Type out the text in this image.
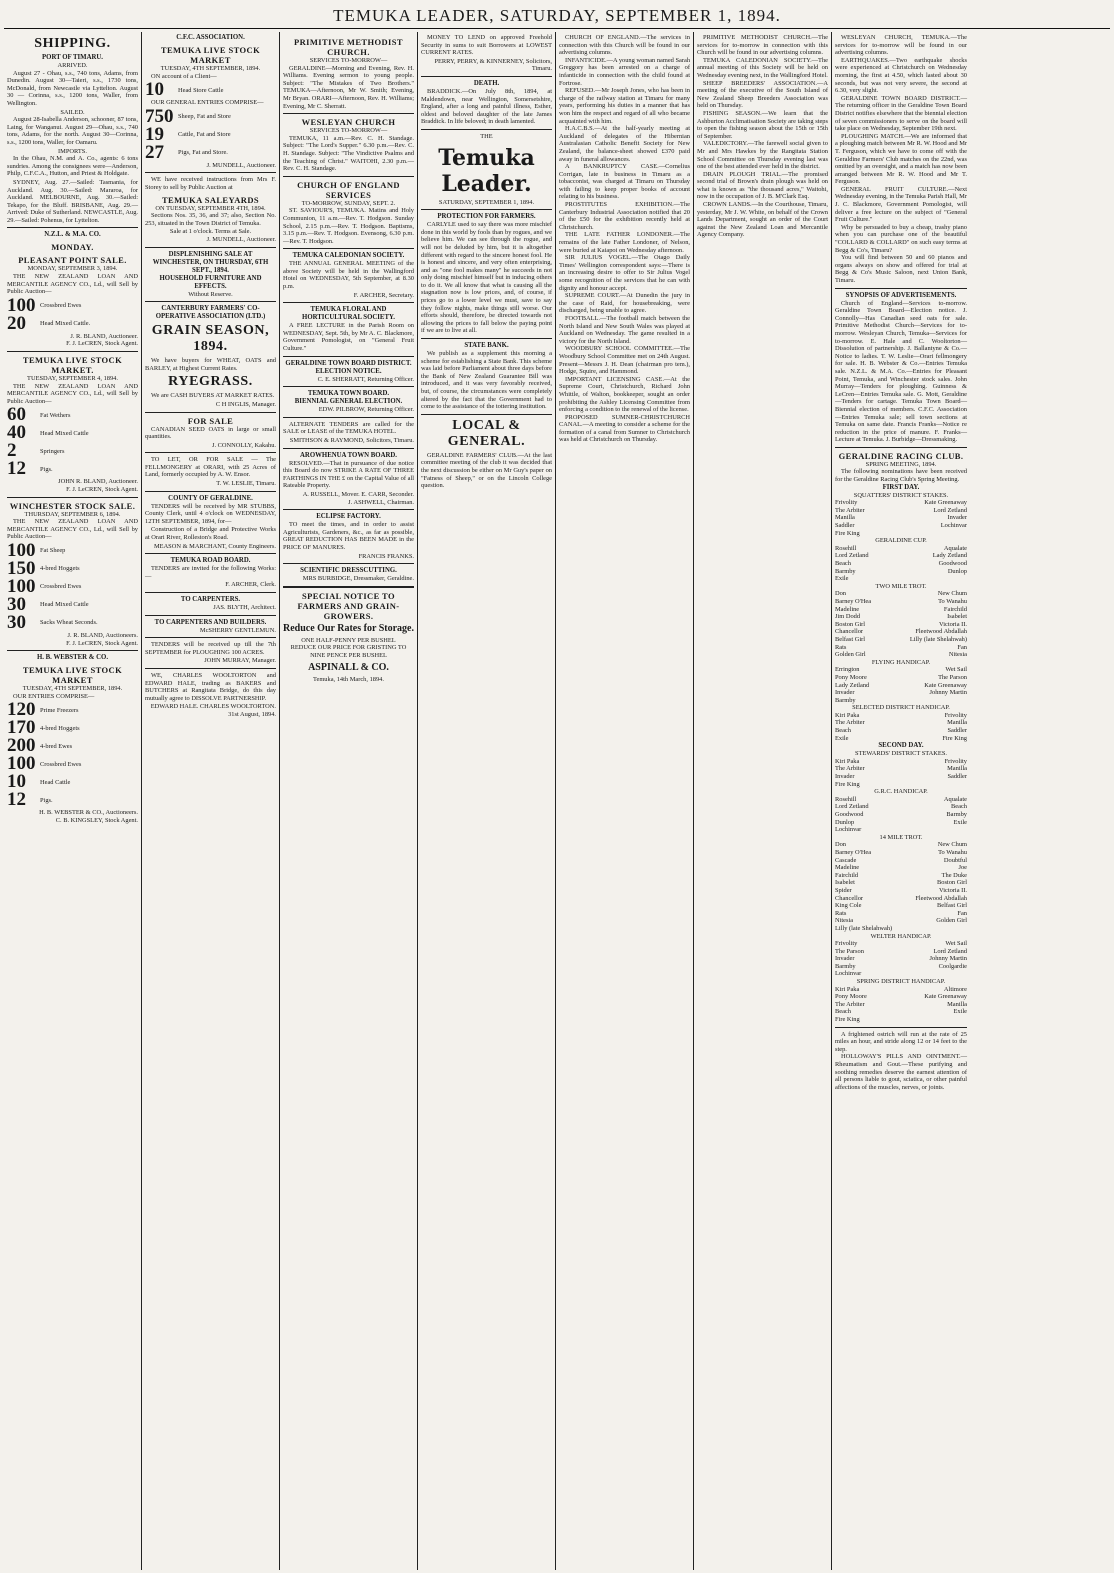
TEMUKA LEADER, SATURDAY, SEPTEMBER 1, 1894.
SHIPPING.
PORT OF TIMARU.
ARRIVED.
August 27 - Ohau, s.s., 740 tons, Adams, from Dunedin. August 30—Taieri, s.s., 1730 tons, McDonald, from Newcastle via Lyttelton. August 30 — Corinna, s.s., 1200 tons, Waller, from Wellington.
SAILED.
August 28-Isabella Anderson, schooner, 87 tons, Laing, for Wanganui. August 29—Ohau, s.s., 740 tons, Adams, for the north. August 30—Corinna, s.s., 1200 tons, Waller, for Oamaru.
IMPORTS.
In the Ohau, N.M. and A. Co., agents: 6 tons sundries. Among the consignees were—Anderson, Philp, C.F.C.A., Hutton, and Priest & Holdgate.
SYDNEY, Aug. 27.—Sailed: Tasmania, for Auckland. Aug. 30.—Sailed: Mararoa, for Auckland. MELBOURNE, Aug. 30.—Sailed: Tekapo, for the Bluff. BRISBANE, Aug. 29.— Arrived: Duke of Sutherland. NEWCASTLE, Aug. 29.—Sailed: Pohenus, for Lyttelton.
N.Z.L. & M.A. CO.
MONDAY.
PLEASANT POINT SALE.
MONDAY, SEPTEMBER 3, 1894.
THE NEW ZEALAND LOAN AND MERCANTILE AGENCY CO., Ld., will Sell by Public Auction—
100 Crossbred Ewes
20	Head Mixed Cattle.
J. R. BLAND, Auctioneer.
F. J. LeCREN, Stock Agent.
TEMUKA LIVE STOCK MARKET.
TUESDAY, SEPTEMBER 4, 1894.
THE NEW ZEALAND LOAN AND MERCANTILE AGENCY CO., Ld., will Sell by Public Auction—
60	Fat Wethers
40	Head Mixed Cattle
2	Springers
12	Pigs.
JOHN R. BLAND, Auctioneer.
F. J. LeCREN, Stock Agent.
WINCHESTER STOCK SALE.
THURSDAY, SEPTEMBER 6, 1894.
THE NEW ZEALAND LOAN AND MERCANTILE AGENCY CO., Ld., will Sell by Public Auction—
100 Fat Sheep
150 4-bred Hoggets
100 Crossbred Ewes
30	Head Mixed Cattle
30	Sacks Wheat Seconds.
J. R. BLAND, Auctioneers.
F. J. LeCREN, Stock Agent.
H. B. WEBSTER & CO.
TEMUKA LIVE STOCK MARKET
TUESDAY, 4TH SEPTEMBER, 1894.
OUR ENTRIES COMPRISE—
120 Prime Freezers
170 4-bred Hoggets
200 4-bred Ewes
100 Crossbred Ewes
10	Head Cattle
12	Pigs.
H. B. WEBSTER & CO., Auctioneers.
C. B. KINGSLEY, Stock Agent.
C.F.C. ASSOCIATION.
TEMUKA LIVE STOCK MARKET
TUESDAY, 4TH SEPTEMBER, 1894.
ON account of a Client—
10	Head Store Cattle
OUR GENERAL ENTRIES COMPRISE—
750 Sheep, Fat and Store
19	Cattle, Fat and Store
27	Pigs, Fat and Store.
J. MUNDELL, Auctioneer.
WE have received instructions from Mrs F. Storey to sell by Public Auction at
TEMUKA SALEYARDS
ON TUESDAY, SEPTEMBER 4TH, 1894.
Sections Nos. 35, 36, and 37; also, Section No. 253, situated in the Town District of Temuka.
Sale at 1 o'clock. Terms at Sale.
J. MUNDELL, Auctioneer.
DISPLENISHING SALE AT WINCHESTER, ON THURSDAY, 6TH SEPT., 1894.
HOUSEHOLD FURNITURE AND EFFECTS.
Without Reserve.
CANTERBURY FARMERS' CO-OPERATIVE ASSOCIATION (LTD.)
GRAIN SEASON, 1894.
We have buyers for WHEAT, OATS and BARLEY, at Highest Current Rates.
RYEGRASS.
We are CASH BUYERS AT MARKET RATES.
C H INGLIS, Manager.
FOR SALE
CANADIAN SEED OATS in large or small quantities.
J. CONNOLLY, Kakahu.
TO LET, OR FOR SALE — The FELLMONGERY at ORARI, with 25 Acres of Land, formerly occupied by A. W. Ensor.
T. W. LESLIE, Timaru.
COUNTY OF GERALDINE.
TENDERS will be received by MR STUBBS, County Clerk, until 4 o'clock on WEDNESDAY, 12TH SEPTEMBER, 1894, for—
Construction of a Bridge and Protective Works at Orari River, Rolleston's Road.
MEASON & MARCHANT, County Engineers.
TEMUKA ROAD BOARD.
TENDERS are invited for the following Works:—
F. ARCHER, Clerk.
TO CARPENTERS.
JAS. BLYTH, Architect.
TO CARPENTERS AND BUILDERS.
McSHERRY GENTLEMUN.
TENDERS will be received up till the 7th SEPTEMBER for PLOUGHING 100 ACRES.
JOHN MURRAY, Manager.
WE, CHARLES WOOLTORTON and EDWARD HALE, trading as BAKERS and BUTCHERS at Rangitata Bridge, do this day mutually agree to DISSOLVE PARTNERSHIP.
EDWARD HALE. CHARLES WOOLTORTON. 31st August, 1894.
PRIMITIVE METHODIST CHURCH.
SERVICES TO-MORROW—
GERALDINE—Morning and Evening, Rev. H. Williams. Evening sermon to young people. Subject: "The Mistakes of Two Brothers." TEMUKA—Afternoon, Mr W. Smith; Evening, Mr Bryan. ORARI—Afternoon, Rev. H. Williams; Evening, Mr C. Sherratt.
WESLEYAN CHURCH
SERVICES TO-MORROW—
TEMUKA, 11 a.m.—Rev. C. H. Standage. Subject: "The Lord's Supper." 6.30 p.m.—Rev. C. H. Standage. Subject: "The Vindictive Psalms and the Teaching of Christ." WAITOHI, 2.30 p.m.—Rev. C. H. Standage.
CHURCH OF ENGLAND SERVICES
TO-MORROW, SUNDAY, SEPT. 2.
ST. SAVIOUR'S, TEMUKA. Matins and Holy Communion, 11 a.m.—Rev. T. Hodgson. Sunday School, 2.15 p.m.—Rev. T. Hodgson. Baptisms, 3.15 p.m.—Rev. T. Hodgson. Evensong, 6.30 p.m.—Rev. T. Hodgson.
TEMUKA CALEDONIAN SOCIETY.
THE ANNUAL GENERAL MEETING of the above Society will be held in the Wallingford Hotel on WEDNESDAY, 5th September, at 8.30 p.m.
F. ARCHER, Secretary.
TEMUKA FLORAL AND HORTICULTURAL SOCIETY.
A FREE LECTURE in the Parish Room on WEDNESDAY, Sept. 5th, by Mr A. C. Blackmore, Government Pomologist, on "General Fruit Culture."
GERALDINE TOWN BOARD DISTRICT.
ELECTION NOTICE.
C. E. SHERRATT, Returning Officer.
TEMUKA TOWN BOARD.
BIENNIAL GENERAL ELECTION.
EDW. PILBROW, Returning Officer.
ALTERNATE TENDERS are called for the SALE or LEASE of the TEMUKA HOTEL.
SMITHSON & RAYMOND, Solicitors, Timaru.
AROWHENUA TOWN BOARD.
RESOLVED.—That in pursuance of due notice this Board do now STRIKE A RATE OF THREE FARTHINGS IN THE £ on the Capital Value of all Rateable Property.
A. RUSSELL, Mover. E. CARR, Seconder.
J. ASHWELL, Chairman.
ECLIPSE FACTORY.
TO meet the times, and in order to assist Agriculturists, Gardeners, &c., as far as possible, GREAT REDUCTION HAS BEEN MADE in the PRICE OF MANURES.
FRANCIS FRANKS.
SCIENTIFIC DRESSCUTTING.
MRS BURBIDGE, Dressmaker, Geraldine.
SPECIAL NOTICE TO FARMERS AND GRAIN-GROWERS.
Reduce Our Rates for Storage.
ONE HALF-PENNY PER BUSHEL
REDUCE OUR PRICE FOR GRISTING TO NINE PENCE PER BUSHEL
ASPINALL & CO.
Temuka, 14th March, 1894.
MONEY TO LEND on approved Freehold Security in sums to suit Borrowers at LOWEST CURRENT RATES.
PERRY, PERRY, & KINNERNEY, Solicitors, Timaru.
DEATH.
BRADDICK.—On July 8th, 1894, at Maldendown, near Wellington, Somersetshire, England, after a long and painful illness, Esther, oldest and beloved daughter of the late James Braddick. In life beloved; in death lamented.
THE
Temuka Leader.
SATURDAY, SEPTEMBER 1, 1894.
PROTECTION FOR FARMERS.
CARLYLE used to say there was more mischief done in this world by fools than by rogues, and we believe him. We can see through the rogue, and will not be deluded by him, but it is altogether different with regard to the sincere honest fool. He is honest and sincere, and very often enterprising, and as "one fool makes many" he succeeds in not only doing mischief himself but in inducing others to do it. We all know that what is causing all the stagnation now is low prices, and, of course, if prices go to a lower level we must, save to say they follow nights, make things still worse. Our efforts should, therefore, be directed towards not allowing the prices to fall below the paying point if we are to live at all.
STATE BANK.
We publish as a supplement this morning a scheme for establishing a State Bank. This scheme was laid before Parliament about three days before the Bank of New Zealand Guarantee Bill was introduced, and it was very favorably received, but, of course, the circumstances were completely altered by the fact that the Government had to come to the assistance of the tottering institution.
LOCAL & GENERAL.
GERALDINE FARMERS' CLUB.—At the last committee meeting of the club it was decided that the next discussion be either on Mr Guy's paper on "Fatness of Sheep," or on the Lincoln College question.
CHURCH OF ENGLAND.—The services in connection with this Church will be found in our advertising columns.
INFANTICIDE.—A young woman named Sarah Greggory has been arrested on a charge of infanticide in connection with the child found at Fortrose.
REFUSED.—Mr Joseph Jones, who has been in charge of the railway station at Timaru for many years, performing his duties in a manner that has won him the respect and regard of all who became acquainted with him.
H.A.C.B.S.—At the half-yearly meeting at Auckland of delegates of the Hibernian Australasian Catholic Benefit Society for New Zealand, the balance-sheet showed £370 paid away in funeral allowances.
A BANKRUPTCY CASE.—Cornelius Corrigan, late in business in Timaru as a tobacconist, was charged at Timaru on Thursday with failing to keep proper books of account relating to his business.
PROSTITUTES EXHIBITION.—The Canterbury Industrial Association notified that 20 of the £50 for the exhibition recently held at Christchurch.
THE LATE FATHER LONDONER.—The remains of the late Father Londoner, of Nelson, were buried at Kaiapoi on Wednesday afternoon.
SIR JULIUS VOGEL.—The Otago Daily Times' Wellington correspondent says:—There is an increasing desire to offer to Sir Julius Vogel some recognition of the services that he can with dignity and honour accept.
SUPREME COURT.—At Dunedin the jury in the case of Raid, for housebreaking, were discharged, being unable to agree.
FOOTBALL.—The football match between the North Island and New South Wales was played at Auckland on Wednesday. The game resulted in a victory for the North Island.
WOODBURY SCHOOL COMMITTEE.—The Woodbury School Committee met on 24th August. Present—Messrs J. H. Dean (chairman pro tem.), Hodge, Squire, and Hammond.
IMPORTANT LICENSING CASE.—At the Supreme Court, Christchurch, Richard John Whittle, of Walton, bookkeeper, sought an order prohibiting the Ashley Licensing Committee from enforcing a condition to the renewal of the license.
PROPOSED SUMNER-CHRISTCHURCH CANAL.—A meeting to consider a scheme for the formation of a canal from Sumner to Christchurch was held at Christchurch on Thursday.
PRIMITIVE METHODIST CHURCH.—The services for to-morrow in connection with this Church will be found in our advertising columns.
TEMUKA CALEDONIAN SOCIETY.—The annual meeting of this Society will be held on Wednesday evening next, in the Wallingford Hotel.
SHEEP BREEDERS' ASSOCIATION.—A meeting of the executive of the South Island of New Zealand Sheep Breeders Association was held on Thursday.
FISHING SEASON.—We learn that the Ashburton Acclimatisation Society are taking steps to open the fishing season about the 15th or 15th of September.
VALEDICTORY.—The farewell social given to Mr and Mrs Hawkes by the Rangitata Station School Committee on Thursday evening last was one of the best attended ever held in the district.
DRAIN PLOUGH TRIAL.—The promised second trial of Brown's drain plough was held on what is known as "the thousand acres," Waitohi, now in the occupation of J. B. M'Clark Esq.
CROWN LANDS.—In the Courthouse, Timaru, yesterday, Mr J. W. White, on behalf of the Crown Lands Department, sought an order of the Court against the New Zealand Loan and Mercantile Agency Company.
WESLEYAN CHURCH, TEMUKA.—The services for to-morrow will be found in our advertising columns.
EARTHQUAKES.—Two earthquake shocks were experienced at Christchurch on Wednesday morning, the first at 4.50, which lasted about 30 seconds, but was not very severe, the second at 6.30, very slight.
GERALDINE TOWN BOARD DISTRICT.—The returning officer in the Geraldine Town Board District notifies elsewhere that the biennial election of seven commissioners to serve on the board will take place on Wednesday, September 19th next.
PLOUGHING MATCH.—We are informed that a ploughing match between Mr R. W. Hood and Mr T. Ferguson, which we have to come off with the Geraldine Farmers' Club matches on the 22nd, was omitted by an oversight, and a match has now been arranged between Mr R. W. Hood and Mr T. Ferguson.
GENERAL FRUIT CULTURE.—Next Wednesday evening, in the Temuka Parish Hall, Mr J. C. Blackmore, Government Pomologist, will deliver a free lecture on the subject of "General Fruit Culture."
Why be persuaded to buy a cheap, trashy piano when you can purchase one of the beautiful "COLLARD & COLLARD" on such easy terms at Begg & Co's, Timaru?
You will find between 50 and 60 pianos and organs always on show and offered for trial at Begg & Co's Music Saloon, next Union Bank, Timaru.
SYNOPSIS OF ADVERTISEMENTS.
Church of England—Services to-morrow. Geraldine Town Board—Election notice. J. Connolly—Has Canadian seed oats for sale. Primitive Methodist Church—Services for to-morrow. Wesleyan Church, Temuka—Services for to-morrow. E. Hale and C. Wooltorton—Dissolution of partnership. J. Ballantyne & Co.—Notice to ladies. T. W. Leslie—Orari fellmongery for sale. H. B. Webster & Co.—Entries Temuka sale. N.Z.L. & M.A. Co.—Entries for Pleasant Point, Temuka, and Winchester stock sales. John Murray—Tenders for ploughing. Guinness & LeCren—Entries Temuka sale. G. Mott, Geraldine—Tenders for cartage. Temuka Town Board—Biennial election of members. C.F.C. Association—Entries Temuka sale; sell town sections at Temuka on same date. Francis Franks—Notice re reduction in the price of manure. F. Franks—Lecture at Temuka. J. Burbidge—Dressmaking.
GERALDINE RACING CLUB.
SPRING MEETING, 1894.
The following nominations have been received for the Geraldine Racing Club's Spring Meeting.
FIRST DAY.
SQUATTERS' DISTRICT STAKES.
Frivolity	Kate Greenaway
The Arbiter	Lord Zetland
Manilla	Invader
Saddler	Lochinvar
Fire King
GERALDINE CUP.
Rosehill	Aqualate
Lord Zetland	Lady Zetland
Beach	Goodwood
Barmby	Dunlop
Exile
TWO MILE TROT.
Don	New Chum
Barney O'Hea	To Wanahu
Madeline	Fairchild
Jim Dodd	Isabelet
Boston Girl	Victoria II.
Chancellor	Fleetwood Abdallah
Belfast Girl	Lilly (late Shelahwah)
Rats	Fan
Golden Girl	Nitesia
FLYING HANDICAP.
Errington	Wet Sail
Pony Moore	The Parson
Lady Zetland	Kate Greenaway
Invader	Johnny Martin
Barmby
SELECTED DISTRICT HANDICAP.
Kiri Paka	Frivolity
The Arbiter	Manilla
Beach	Saddler
Exile	Fire King
SECOND DAY.
STEWARDS' DISTRICT STAKES.
Kiri Paka	Frivolity
The Arbiter	Manilla
Invader	Saddler
Fire King
G.R.C. HANDICAP.
Rosehill	Aqualate
Lord Zetland	Beach
Goodwood	Barmby
Dunlop	Exile
Lochinvar
14 MILE TROT.
Don	New Chum
Barney O'Hea	To Wanahu
Cascade	Doubtful
Madeline	Joe
Fairchild	The Duke
Isabelet	Boston Girl
Spider	Victoria II.
Chancellor	Fleetwood Abdallah
King Cole	Belfast Girl
Rats	Fan
Nitesia	Golden Girl
Lilly (late Shelahwah)
WELTER HANDICAP.
Frivolity	Wet Sail
The Parson	Lord Zetland
Invader	Johnny Martin
Barmby	Coolgardie
Lochinvar
SPRING DISTRICT HANDICAP.
Kiri Paka	Altimore
Pony Moore	Kate Greenaway
The Arbiter	Manilla
Beach	Exile
Fire King
A frightened ostrich will run at the rate of 25 miles an hour, and stride along 12 or 14 feet to the step.
HOLLOWAY'S PILLS AND OINTMENT.—Rheumatism and Gout.—These purifying and soothing remedies deserve the earnest attention of all persons liable to gout, sciatica, or other painful affections of the muscles, nerves, or joints.
